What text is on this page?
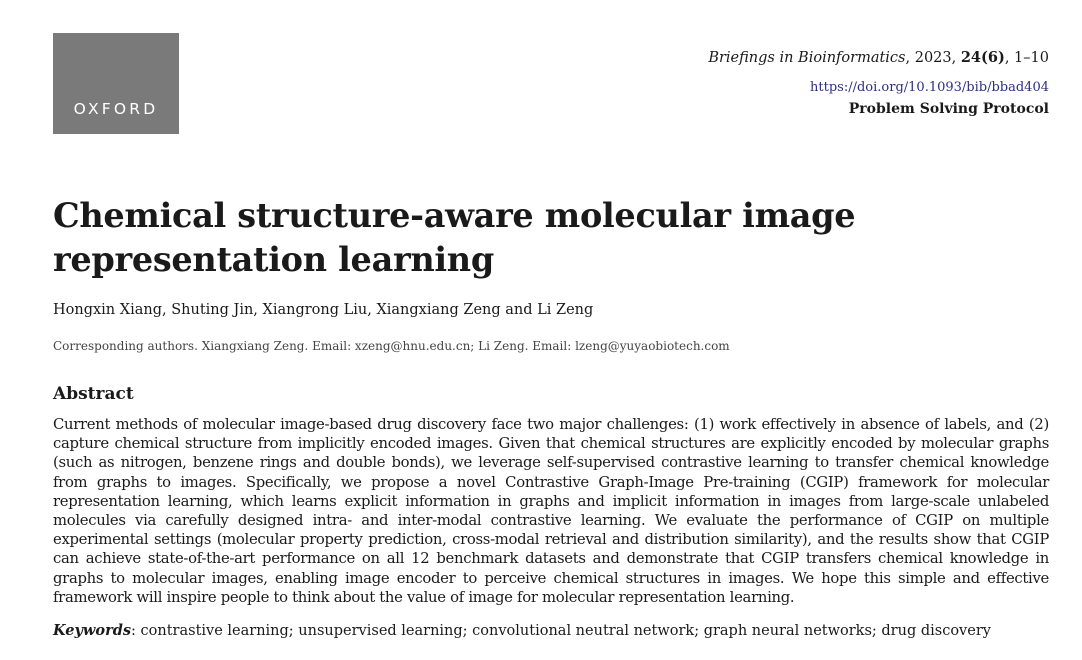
OXFORD
Briefings in Bioinformatics, 2023, 24(6), 1–10
https://doi.org/10.1093/bib/bbad404
Problem Solving Protocol
Chemical structure-aware molecular image representation learning
Hongxin Xiang, Shuting Jin, Xiangrong Liu, Xiangxiang Zeng and Li Zeng
Corresponding authors. Xiangxiang Zeng. Email: xzeng@hnu.edu.cn; Li Zeng. Email: lzeng@yuyaobiotech.com
Abstract

Current methods of molecular image-based drug discovery face two major challenges: (1) work effectively in absence of labels, and (2) capture chemical structure from implicitly encoded images. Given that chemical structures are explicitly encoded by molecular graphs (such as nitrogen, benzene rings and double bonds), we leverage self-supervised contrastive learning to transfer chemical knowledge from graphs to images. Specifically, we propose a novel Contrastive Graph-Image Pre-training (CGIP) framework for molecular representation learning, which learns explicit information in graphs and implicit information in images from large-scale unlabeled molecules via carefully designed intra- and inter-modal contrastive learning. We evaluate the performance of CGIP on multiple experimental settings (molecular property prediction, cross-modal retrieval and distribution similarity), and the results show that CGIP can achieve state-of-the-art performance on all 12 benchmark datasets and demonstrate that CGIP transfers chemical knowledge in graphs to molecular images, enabling image encoder to perceive chemical structures in images. We hope this simple and effective framework will inspire people to think about the value of image for molecular representation learning.

Keywords: contrastive learning; unsupervised learning; convolutional neutral network; graph neural networks; drug discovery
